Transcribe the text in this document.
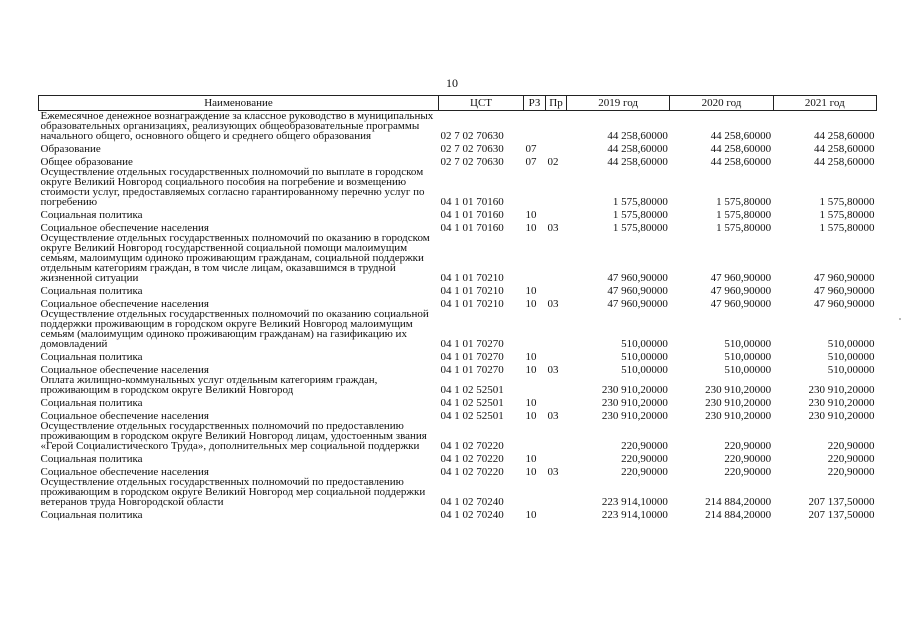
10
Наименование	ЦСТ	РЗ	Пр	2019 год	2020 год	2021 год
Ежемесячное денежное вознаграждение за классное руководство в муниципальных образовательных организациях, реализующих общеобразовательные программы начального общего, основного общего и среднего общего образования	02 7 02 70630			44 258,60000	44 258,60000	44 258,60000
Образование	02 7 02 70630	07		44 258,60000	44 258,60000	44 258,60000
Общее образование	02 7 02 70630	07	02	44 258,60000	44 258,60000	44 258,60000
Осуществление отдельных государственных полномочий по выплате в городском округе Великий Новгород социального пособия на погребение и возмещению стоимости услуг, предоставляемых согласно гарантированному перечню услуг по погребению	04 1 01 70160			1 575,80000	1 575,80000	1 575,80000
Социальная политика	04 1 01 70160	10		1 575,80000	1 575,80000	1 575,80000
Социальное обеспечение населения	04 1 01 70160	10	03	1 575,80000	1 575,80000	1 575,80000
Осуществление отдельных государственных полномочий по оказанию в городском округе Великий Новгород государственной социальной помощи малоимущим семьям, малоимущим одиноко проживающим гражданам, социальной поддержки отдельным категориям граждан, в том числе лицам, оказавшимся в трудной жизненной ситуации	04 1 01 70210			47 960,90000	47 960,90000	47 960,90000
Социальная политика	04 1 01 70210	10		47 960,90000	47 960,90000	47 960,90000
Социальное обеспечение населения	04 1 01 70210	10	03	47 960,90000	47 960,90000	47 960,90000
Осуществление отдельных государственных полномочий по оказанию социальной поддержки проживающим в городском округе Великий Новгород малоимущим семьям (малоимущим одиноко проживающим гражданам) на газификацию их домовладений	04 1 01 70270			510,00000	510,00000	510,00000
Социальная политика	04 1 01 70270	10		510,00000	510,00000	510,00000
Социальное обеспечение населения	04 1 01 70270	10	03	510,00000	510,00000	510,00000
Оплата жилищно-коммунальных услуг отдельным категориям граждан, проживающим в городском округе Великий Новгород	04 1 02 52501			230 910,20000	230 910,20000	230 910,20000
Социальная политика	04 1 02 52501	10		230 910,20000	230 910,20000	230 910,20000
Социальное обеспечение населения	04 1 02 52501	10	03	230 910,20000	230 910,20000	230 910,20000
Осуществление отдельных государственных полномочий по предоставлению проживающим в городском округе Великий Новгород лицам, удостоенным звания «Герой Социалистического Труда», дополнительных мер социальной поддержки	04 1 02 70220			220,90000	220,90000	220,90000
Социальная политика	04 1 02 70220	10		220,90000	220,90000	220,90000
Социальное обеспечение населения	04 1 02 70220	10	03	220,90000	220,90000	220,90000
Осуществление отдельных государственных полномочий по предоставлению проживающим в городском округе Великий Новгород мер социальной поддержки ветеранов труда Новгородской области	04 1 02 70240			223 914,10000	214 884,20000	207 137,50000
Социальная политика	04 1 02 70240	10		223 914,10000	214 884,20000	207 137,50000
